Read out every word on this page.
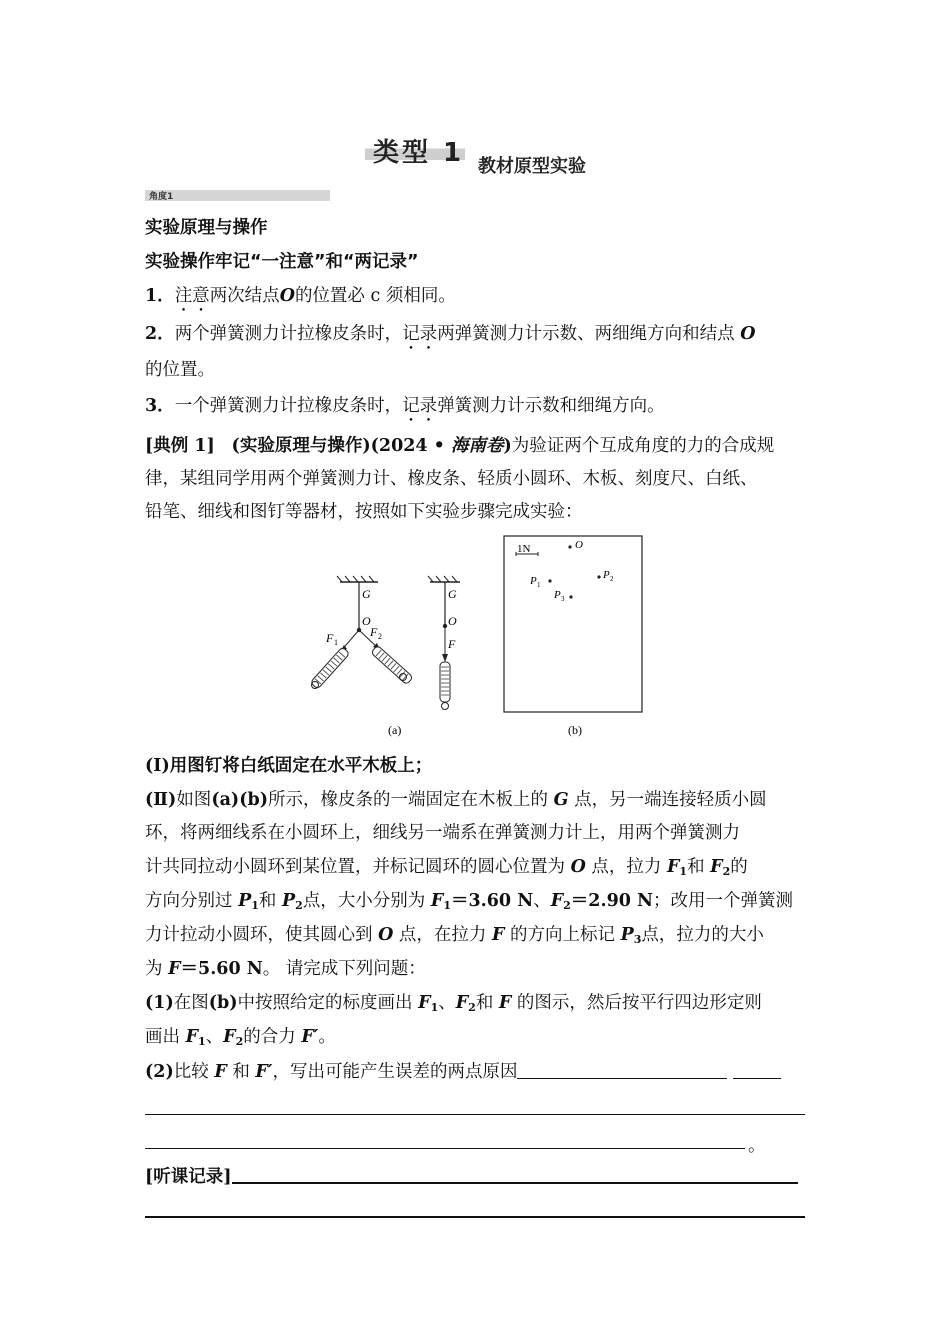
类型 1 教材原型实验
角度1
实验原理与操作
实验操作牢记“一注意”和“两记录”
1．注意两次结点O的位置必 c 须相同。
2．两个弹簧测力计拉橡皮条时，记录两弹簧测力计示数、两细绳方向和结点 O
的位置。
3．一个弹簧测力计拉橡皮条时，记录弹簧测力计示数和细绳方向。
[典例 1] (实验原理与操作)(2024 • 海南卷)为验证两个互成角度的力的合成规
律，某组同学用两个弹簧测力计、橡皮条、轻质小圆环、木板、刻度尺、白纸、
铅笔、细线和图钉等器材，按照如下实验步骤完成实验：
G
O
F 1
F 2
G
O
F
(a)
1N	O
P 1
P 2
P 3
(b)
(Ⅰ)用图钉将白纸固定在水平木板上；
(Ⅱ)如图(a)(b)所示，橡皮条的一端固定在木板上的 G 点，另一端连接轻质小圆
环，将两细线系在小圆环上，细线另一端系在弹簧测力计上，用两个弹簧测力
计共同拉动小圆环到某位置，并标记圆环的圆心位置为 O 点，拉力 $F_1$和 $F_2$的
方向分别过 $P_1$和 $P_2$点，大小分别为 $F_1=3.60$ N、$F_2=2.90$ N；改用一个弹簧测
力计拉动小圆环，使其圆心到 O 点，在拉力 F 的方向上标记 $P_3$点，拉力的大小
为 F＝5.60 N。 请完成下列问题：
(1)在图(b)中按照给定的标度画出 $F_1$、$F_2$和 F 的图示，然后按平行四边形定则
画出 $F_1$、$F_2$的合力 F′。
(2)比较 F 和 F′，写出可能产生误差的两点原因
。
[听课记录]
